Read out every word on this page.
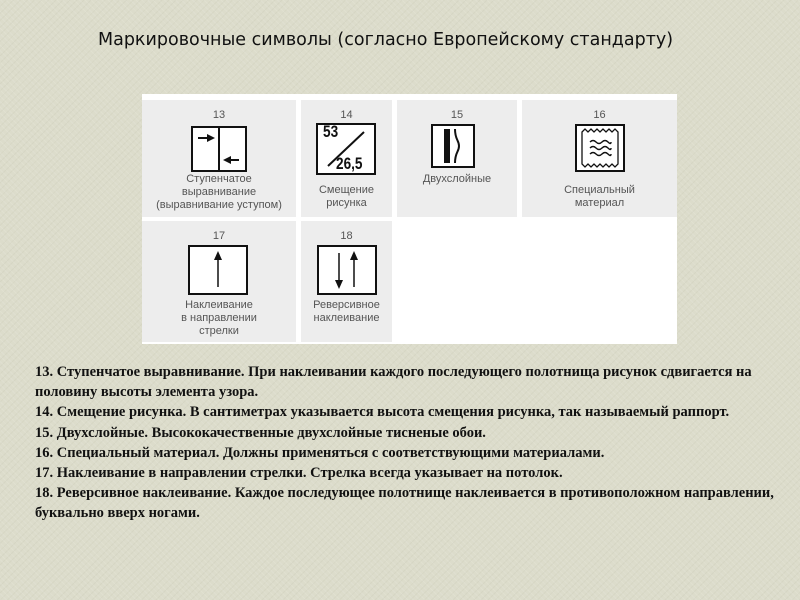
Маркировочные символы (согласно Европейскому стандарту)
13
Ступенчатое
выравнивание
(выравнивание уступом)
14
53
26,5
Смещение
рисунка
15
Двухслойные
16
Специальный
материал
17
Наклеивание
в направлении
стрелки
18
Реверсивное
наклеивание

13. Ступенчатое выравнивание. При наклеивании каждого последующего полотнища рисунок сдвигается на половину высоты элемента узора.

14. Смещение рисунка. В сантиметрах указывается высота смещения рисунка, так называемый раппорт.

15. Двухслойные. Высококачественные двухслойные тисненые обои.

16. Специальный материал. Должны применяться с соответствующими материалами.

17. Наклеивание в направлении стрелки. Стрелка всегда указывает на потолок.

18. Реверсивное наклеивание. Каждое последующее полотнище наклеивается в противоположном направлении, буквально вверх ногами.
